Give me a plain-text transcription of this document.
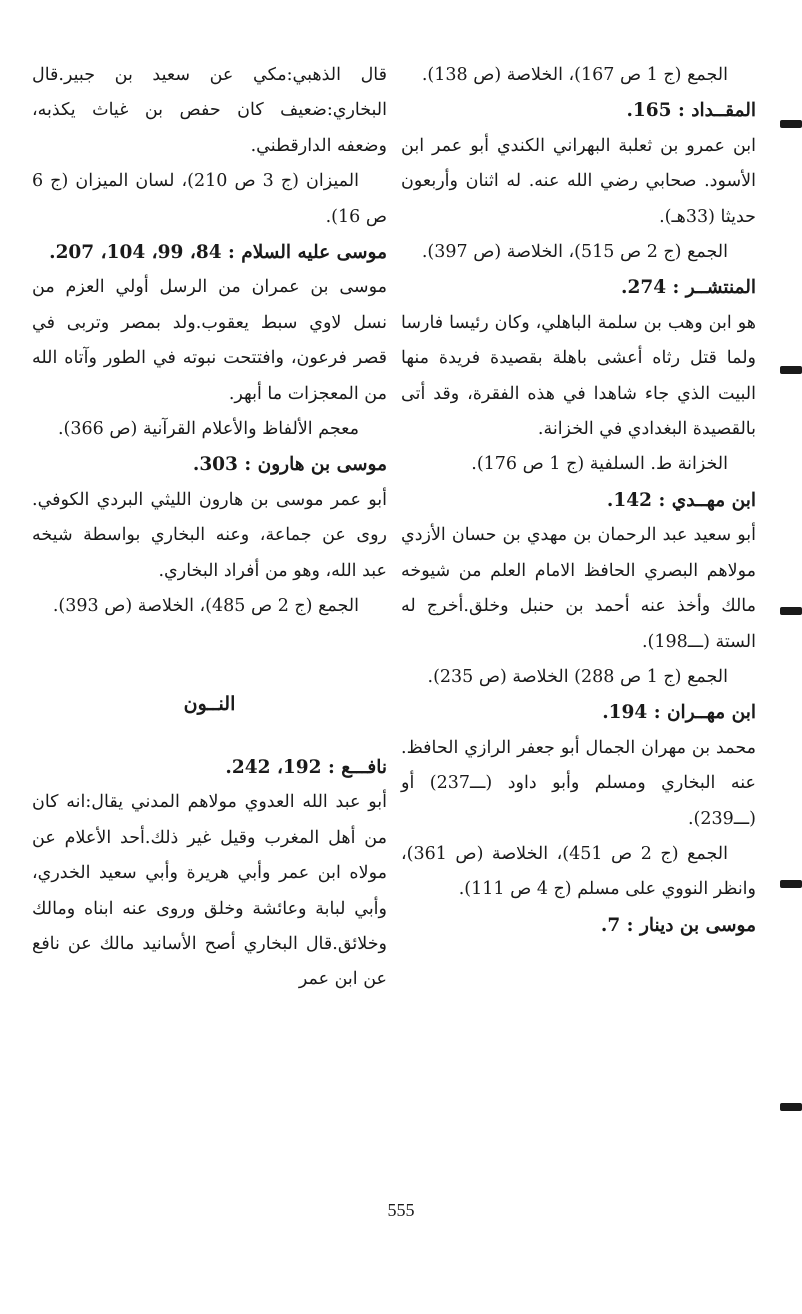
الجمع (ج 1 ص 167)، الخلاصة (ص 138).

المقــداد : 165.

ابن عمرو بن ثعلبة البهراني الكندي أبو عمر ابن الأسود. صحابي رضي الله عنه. له اثنان وأربعون حديثا (33هـ).

الجمع (ج 2 ص 515)، الخلاصة (ص 397).

المنتشــر : 274.

هو ابن وهب بن سلمة الباهلي، وكان رئيسا فارسا ولما قتل رثاه أعشى باهلة بقصيدة فريدة منها البيت الذي جاء شاهدا في هذه الفقرة، وقد أتى بالقصيدة البغدادي في الخزانة.

الخزانة ط. السلفية (ج 1 ص 176).

ابن مهــدي : 142.

أبو سعيد عبد الرحمان بن مهدي بن حسان الأزدي مولاهم البصري الحافظ الامام العلم من شيوخه مالك وأخذ عنه أحمد بن حنبل وخلق.أخرج له الستة (ـــ198).

الجمع (ج 1 ص 288) الخلاصة (ص 235).

ابن مهــران : 194.

محمد بن مهران الجمال أبو جعفر الرازي الحافظ. عنه البخاري ومسلم وأبو داود (ـــ237) أو (ـــ239).

الجمع (ج 2 ص 451)، الخلاصة (ص 361)، وانظر النووي على مسلم (ج 4 ص 111).

موسى بن دينار : 7.

قال الذهبي:مكي عن سعيد بن جبير.قال البخاري:ضعيف كان حفص بن غياث يكذبه، وضعفه الدارقطني.

الميزان (ج 3 ص 210)، لسان الميزان (ج 6 ص 16).

موسى عليه السلام : 84، 99، 104، 207.

موسى بن عمران من الرسل أولي العزم من نسل لاوي سبط يعقوب.ولد بمصر وتربى في قصر فرعون، وافتتحت نبوته في الطور وآتاه الله من المعجزات ما أبهر.

معجم الألفاظ والأعلام القرآنية (ص 366).

موسى بن هارون : 303.

أبو عمر موسى بن هارون الليثي البردي الكوفي. روى عن جماعة، وعنه البخاري بواسطة شيخه عبد الله، وهو من أفراد البخاري.

الجمع (ج 2 ص 485)، الخلاصة (ص 393).

النــون

نافـــع : 192، 242.

أبو عبد الله العدوي مولاهم المدني يقال:انه كان من أهل المغرب وقيل غير ذلك.أحد الأعلام عن مولاه ابن عمر وأبي هريرة وأبي سعيد الخدري، وأبي لبابة وعائشة وخلق وروى عنه ابناه ومالك وخلائق.قال البخاري أصح الأسانيد مالك عن نافع عن ابن عمر

555
